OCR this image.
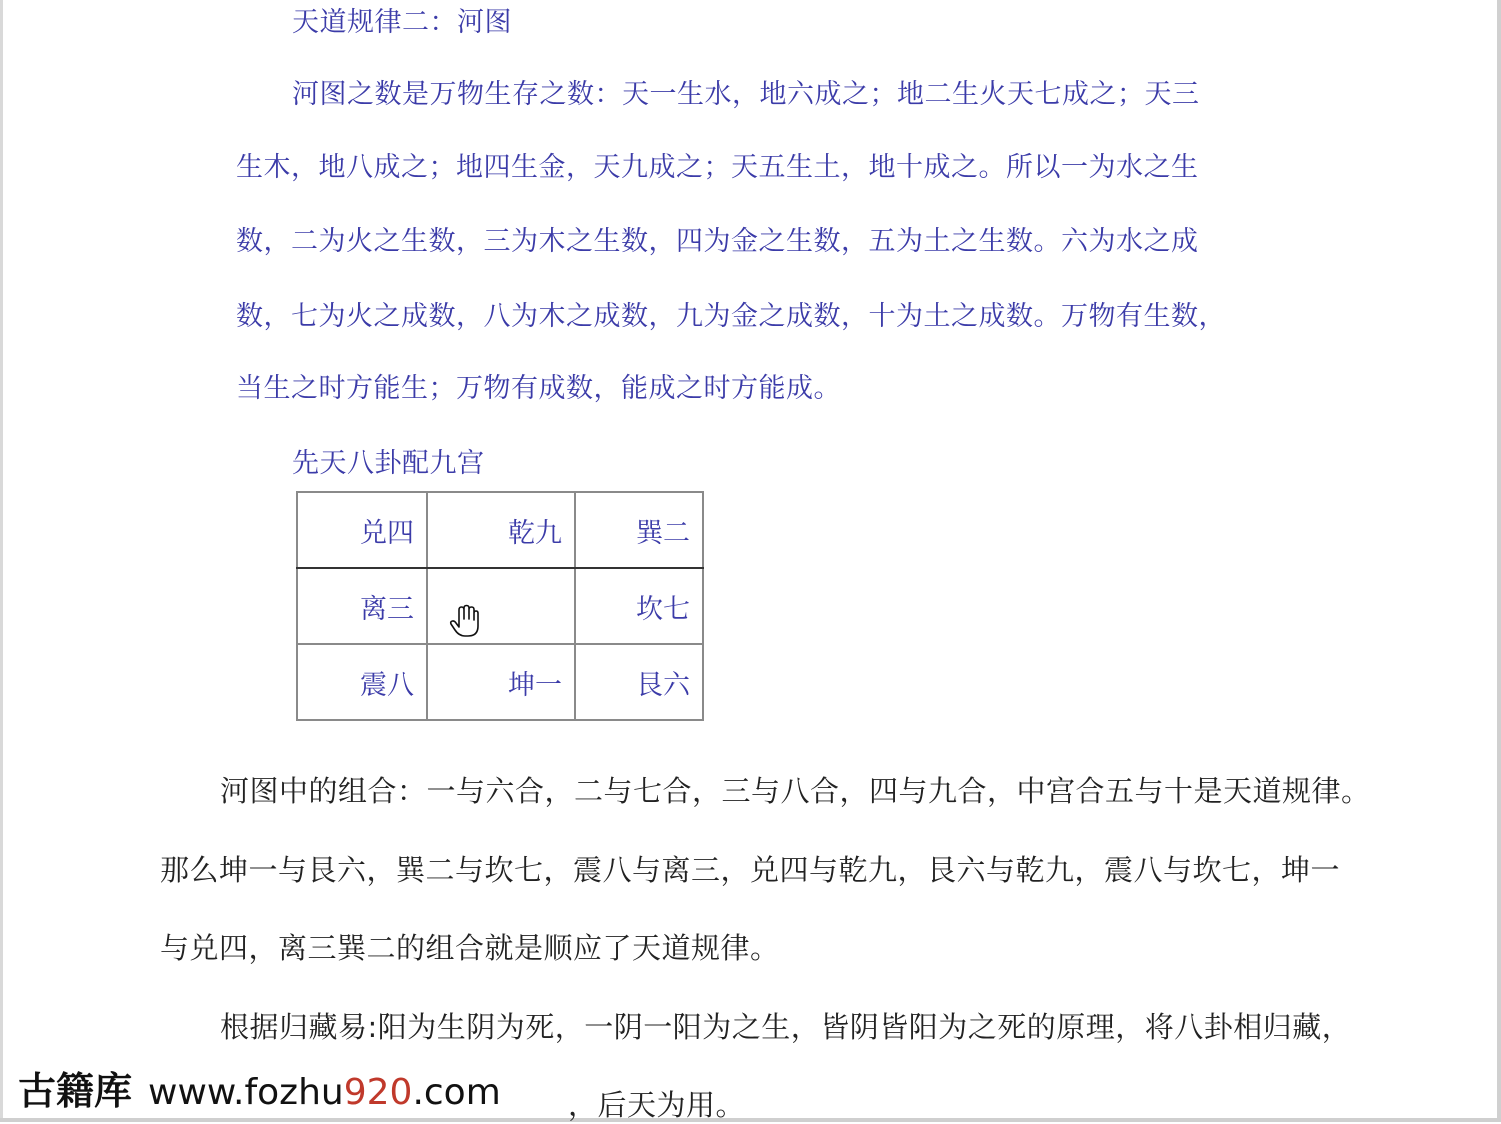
天道规律二：河图
河图之数是万物生存之数：天一生水，地六成之；地二生火天七成之；天三
生木，地八成之；地四生金，天九成之；天五生土，地十成之。所以一为水之生
数，二为火之生数，三为木之生数，四为金之生数，五为土之生数。六为水之成
数，七为火之成数，八为木之成数，九为金之成数，十为土之成数。万物有生数，
当生之时方能生；万物有成数，能成之时方能成。
先天八卦配九宫
兑四	乾九	巽二
离三		坎七
震八	坤一	艮六
河图中的组合：一与六合，二与七合，三与八合，四与九合，中宫合五与十是天道规律。
那么坤一与艮六，巽二与坎七，震八与离三，兑四与乾九，艮六与乾九，震八与坎七，坤一
与兑四，离三巽二的组合就是顺应了天道规律。
根据归藏易:阳为生阴为死，一阴一阳为之生，皆阴皆阳为之死的原理，将八卦相归藏，
，后天为用。
古籍库 www.fozhu920.com
